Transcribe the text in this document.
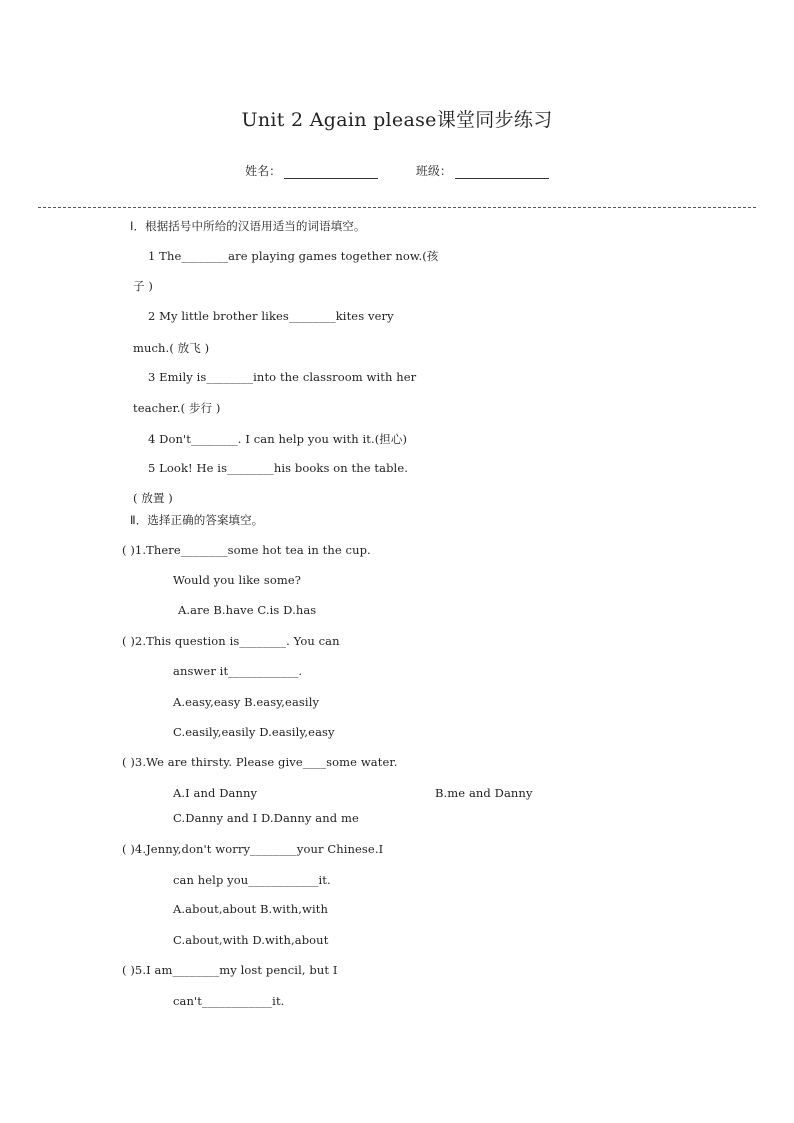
Unit 2 Again please课堂同步练习
姓名：	班级：
Ⅰ．根据括号中所给的汉语用适当的词语填空。
1 The________are playing games together now.(孩
子 )
2 My little brother likes________kites very
much.( 放飞 )
3 Emily is________into the classroom with her
teacher.( 步行 )
4 Don't________. I can help you with it.(担心)
5 Look! He is________his books on the table.
( 放置 )
Ⅱ．选择正确的答案填空。
( )1.There________some hot tea in the cup.
Would you like some?
A.are B.have C.is D.has
( )2.This question is________. You can
answer it____________.
A.easy,easy B.easy,easily
C.easily,easily D.easily,easy
( )3.We are thirsty. Please give____some water.
A.I and Danny	B.me and Danny
C.Danny and I D.Danny and me
( )4.Jenny,don't worry________your Chinese.I
can help you____________it.
A.about,about B.with,with
C.about,with D.with,about
( )5.I am________my lost pencil, but I
can't____________it.
